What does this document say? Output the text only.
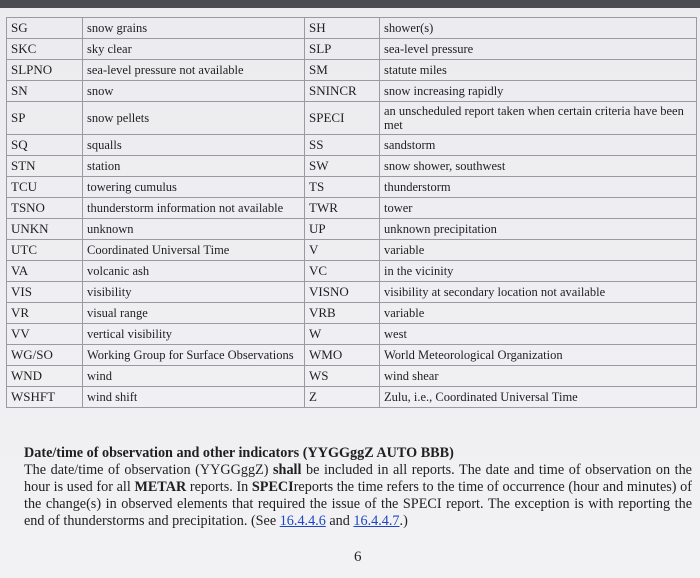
SG	snow grains	SH	shower(s)
SKC	sky clear	SLP	sea-level pressure
SLPNO	sea-level pressure not available	SM	statute miles
SN	snow	SNINCR	snow increasing rapidly
SP	snow pellets	SPECI	an unscheduled report taken when certain criteria have been met
SQ	squalls	SS	sandstorm
STN	station	SW	snow shower, southwest
TCU	towering cumulus	TS	thunderstorm
TSNO	thunderstorm information not available	TWR	tower
UNKN	unknown	UP	unknown precipitation
UTC	Coordinated Universal Time	V	variable
VA	volcanic ash	VC	in the vicinity
VIS	visibility	VISNO	visibility at secondary location not available
VR	visual range	VRB	variable
VV	vertical visibility	W	west
WG/SO	Working Group for Surface Observations	WMO	World Meteorological Organization
WND	wind	WS	wind shear
WSHFT	wind shift	Z	Zulu, i.e., Coordinated Universal Time
Date/time of observation and other indicators (YYGGggZ AUTO BBB)
The date/time of observation (YYGGggZ) shall be included in all reports. The date and time of observation on the hour is used for all METAR reports. In SPECIreports the time refers to the time of occurrence (hour and minutes) of the change(s) in observed elements that required the issue of the SPECI report. The exception is with reporting the end of thunderstorms and precipitation. (See 16.4.4.6 and 16.4.4.7.)
6
